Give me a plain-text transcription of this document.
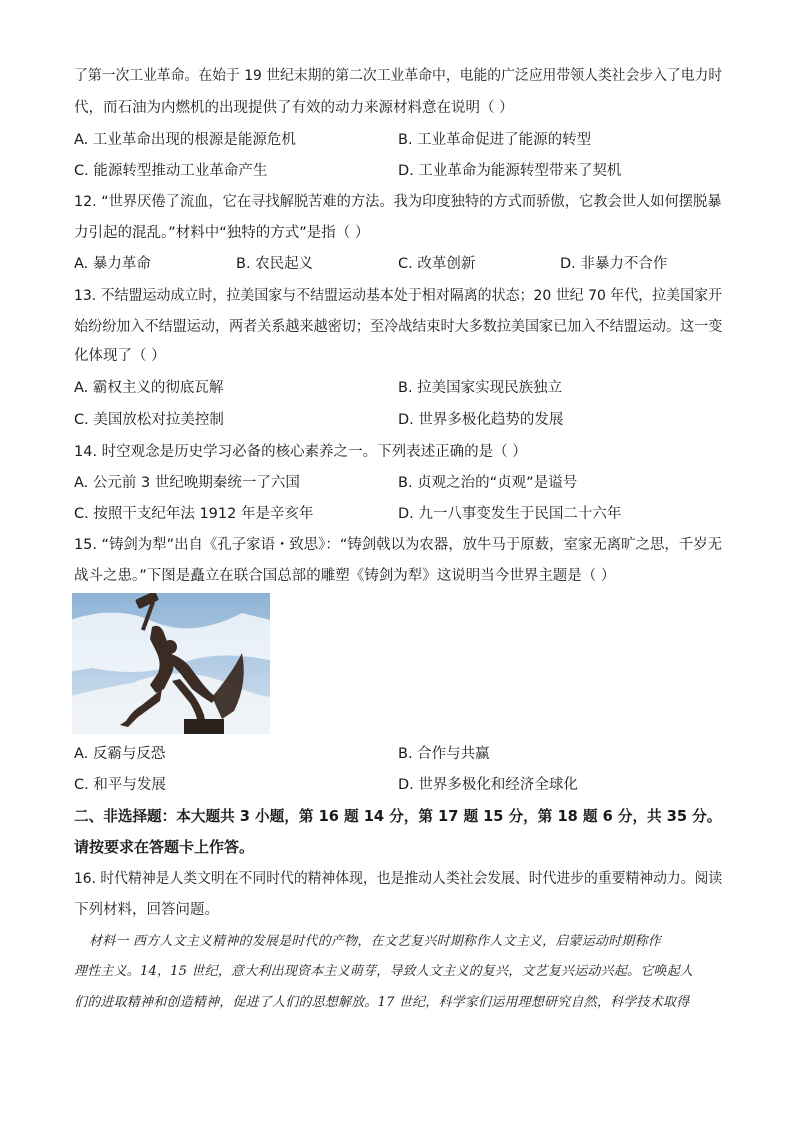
了第一次工业革命。在始于 19 世纪末期的第二次工业革命中，电能的广泛应用带领人类社会步入了电力时
代，而石油为内燃机的出现提供了有效的动力来源材料意在说明（ ）
A. 工业革命出现的根源是能源危机	B. 工业革命促进了能源的转型
C. 能源转型推动工业革命产生	D. 工业革命为能源转型带来了契机
12. “世界厌倦了流血，它在寻找解脱苦难的方法。我为印度独特的方式而骄傲，它教会世人如何摆脱暴
力引起的混乱。”材料中“独特的方式”是指（ ）
A. 暴力革命	B. 农民起义	C. 改革创新	D. 非暴力不合作
13. 不结盟运动成立时，拉美国家与不结盟运动基本处于相对隔离的状态；20 世纪 70 年代，拉美国家开
始纷纷加入不结盟运动，两者关系越来越密切；至冷战结束时大多数拉美国家已加入不结盟运动。这一变
化体现了（ ）
A. 霸权主义的彻底瓦解	B. 拉美国家实现民族独立
C. 美国放松对拉美控制	D. 世界多极化趋势的发展
14. 时空观念是历史学习必备的核心素养之一。下列表述正确的是（ ）
A. 公元前 3 世纪晚期秦统一了六国	B. 贞观之治的“贞观”是谥号
C. 按照干支纪年法 1912 年是辛亥年	D. 九一八事变发生于民国二十六年
15. “铸剑为犁”出自《孔子家语・致思》：“铸剑戟以为农器，放牛马于原薮，室家无离旷之思，千岁无
战斗之患。”下图是矗立在联合国总部的雕塑《铸剑为犁》这说明当今世界主题是（ ）
A. 反霸与反恐	B. 合作与共赢
C. 和平与发展	D. 世界多极化和经济全球化
二、非选择题：本大题共 3 小题，第 16 题 14 分，第 17 题 15 分，第 18 题 6 分，共 35 分。
请按要求在答题卡上作答。
16. 时代精神是人类文明在不同时代的精神体现，也是推动人类社会发展、时代进步的重要精神动力。阅读
下列材料，回答问题。
材料一 西方人文主义精神的发展是时代的产物，在文艺复兴时期称作人文主义，启蒙运动时期称作
理性主义。14，15 世纪，意大利出现资本主义萌芽，导致人文主义的复兴，文艺复兴运动兴起。它唤起人
们的进取精神和创造精神，促进了人们的思想解放。17 世纪，科学家们运用理想研究自然，科学技术取得
